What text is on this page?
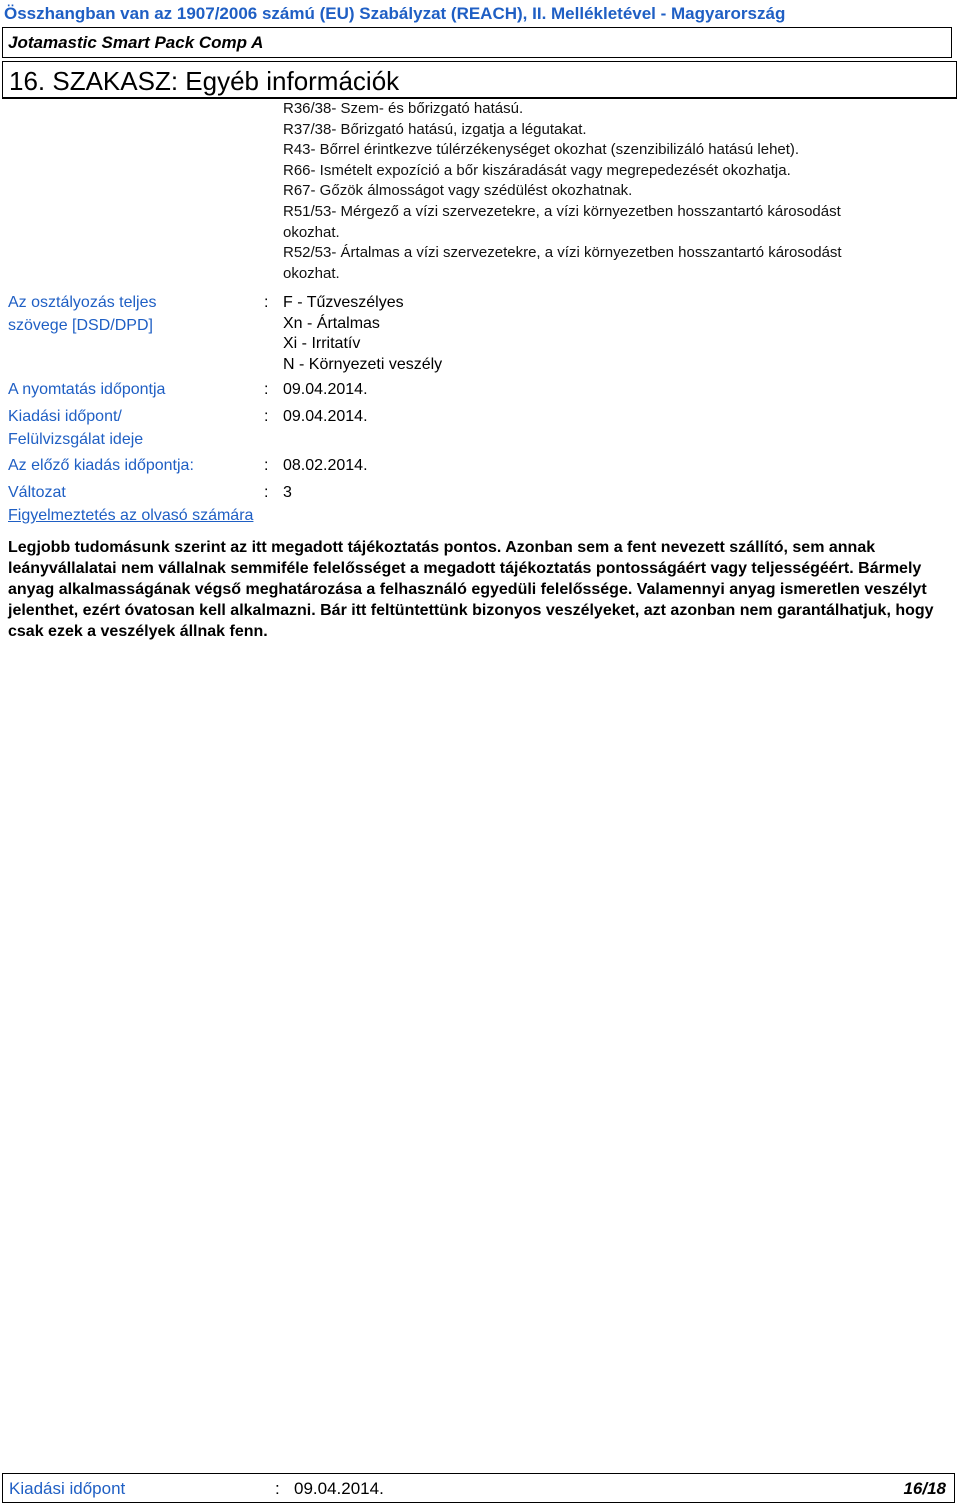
Összhangban van az 1907/2006 számú (EU) Szabályzat (REACH), II. Mellékletével - Magyarország
Jotamastic Smart Pack Comp A
16. SZAKASZ: Egyéb információk

R36/38- Szem- és bőrizgató hatású.

R37/38- Bőrizgató hatású, izgatja a légutakat.

R43- Bőrrel érintkezve túlérzékenységet okozhat (szenzibilizáló hatású lehet).

R66- Ismételt expozíció a bőr kiszáradását vagy megrepedezését okozhatja.

R67- Gőzök álmosságot vagy szédülést okozhatnak.

R51/53- Mérgező a vízi szervezetekre, a vízi környezetben hosszantartó károsodást

okozhat.

R52/53- Ártalmas a vízi szervezetekre, a vízi környezetben hosszantartó károsodást

okozhat.

Az osztályozás teljes
szövege [DSD/DPD]
: F - Tűzveszélyes
Xn - Ártalmas
Xi - Irritatív
N - Környezeti veszély
A nyomtatás időpontja	: 09.04.2014.
Kiadási időpont/
Felülvizsgálat ideje
: 09.04.2014.
Az előző kiadás időpontja:	: 08.02.2014.
Változat	: 3
Figyelmeztetés az olvasó számára
Legjobb tudomásunk szerint az itt megadott tájékoztatás pontos. Azonban sem a fent nevezett szállító, sem annak leányvállalatai nem vállalnak semmiféle felelősséget a megadott tájékoztatás pontosságáért vagy teljességéért. Bármely anyag alkalmasságának végső meghatározása a felhasználó egyedüli felelőssége. Valamennyi anyag ismeretlen veszélyt jelenthet, ezért óvatosan kell alkalmazni. Bár itt feltüntettünk bizonyos veszélyeket, azt azonban nem garantálhatjuk, hogy csak ezek a veszélyek állnak fenn.
Kiadási időpont	: 09.04.2014.	16/18
